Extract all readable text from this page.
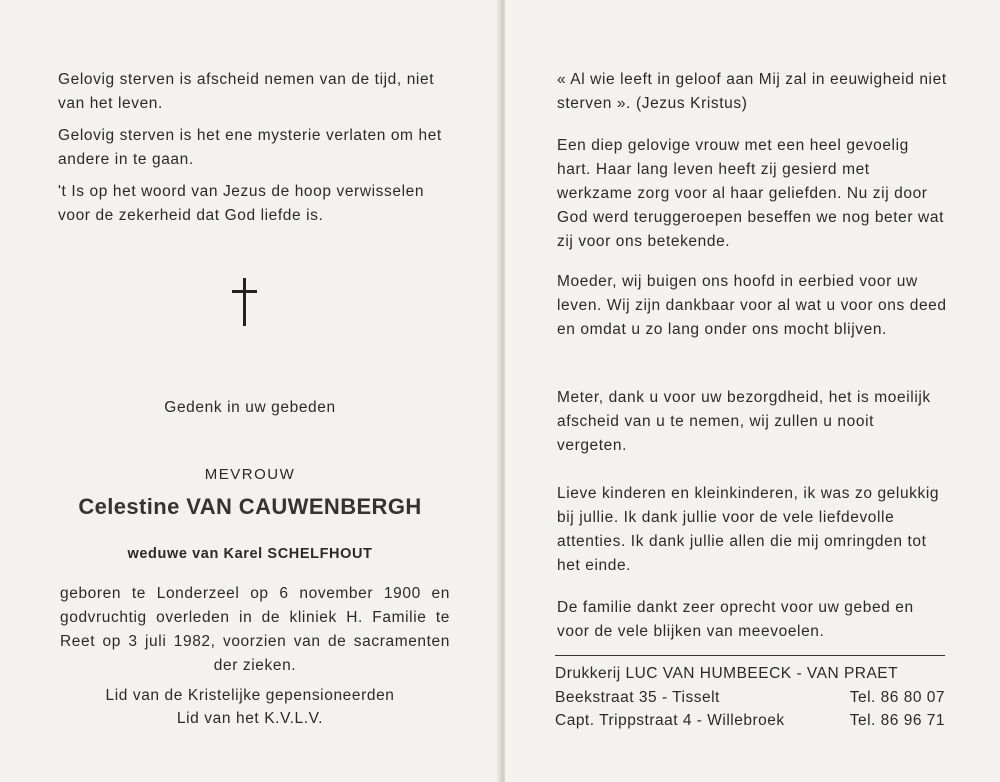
Gelovig sterven is afscheid nemen van de tijd, niet van het leven.

Gelovig sterven is het ene mysterie verlaten om het andere in te gaan.

't Is op het woord van Jezus de hoop verwisselen voor de zekerheid dat God liefde is.

Gedenk in uw gebeden
MEVROUW
Celestine VAN CAUWENBERGH
weduwe van Karel SCHELFHOUT
geboren te Londerzeel op 6 november 1900 en godvruchtig overleden in de kliniek H. Familie te Reet op 3 juli 1982, voorzien van de sacramenten der zieken.
Lid van de Kristelijke gepensioneerden
Lid van het K.V.L.V.
« Al wie leeft in geloof aan Mij zal in eeuwigheid niet sterven ». (Jezus Kristus)
Een diep gelovige vrouw met een heel gevoelig hart. Haar lang leven heeft zij gesierd met werkzame zorg voor al haar geliefden. Nu zij door God werd teruggeroepen beseffen we nog beter wat zij voor ons betekende.
Moeder, wij buigen ons hoofd in eerbied voor uw leven. Wij zijn dankbaar voor al wat u voor ons deed en omdat u zo lang onder ons mocht blijven.
Meter, dank u voor uw bezorgdheid, het is moeilijk afscheid van u te nemen, wij zullen u nooit vergeten.
Lieve kinderen en kleinkinderen, ik was zo gelukkig bij jullie. Ik dank jullie voor de vele liefdevolle attenties. Ik dank jullie allen die mij omringden tot het einde.
De familie dankt zeer oprecht voor uw gebed en voor de vele blijken van meevoelen.
Drukkerij LUC VAN HUMBEECK - VAN PRAET
Beekstraat 35 - Tisselt	Tel. 86 80 07
Capt. Trippstraat 4 - Willebroek	Tel. 86 96 71
